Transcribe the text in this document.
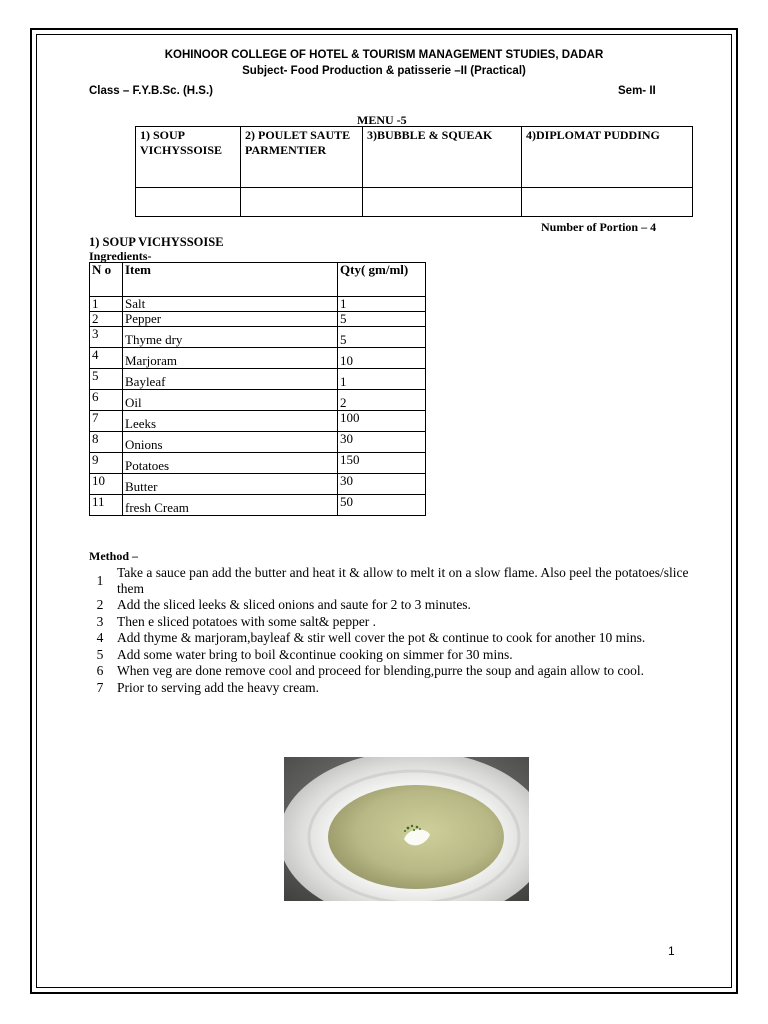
KOHINOOR COLLEGE OF HOTEL & TOURISM MANAGEMENT STUDIES, DADAR
Subject- Food Production & patisserie –II (Practical)
Class – F.Y.B.Sc. (H.S.)	Sem- II
MENU -5
1) SOUP VICHYSSOISE	2) POULET SAUTE PARMENTIER	3)BUBBLE & SQUEAK	4)DIPLOMAT PUDDING

Number of Portion – 4
1) SOUP VICHYSSOISE
Ingredients-
N o	Item	Qty( gm/ml)
1	Salt	1
2	Pepper	5
3	Thyme dry	5
4	Marjoram	10
5	Bayleaf	1
6	Oil	2
7	Leeks	100
8	Onions	30
9	Potatoes	150
10	Butter	30
11	fresh Cream	50
Method –
1
Take a sauce pan add the butter and heat it & allow to melt it on a slow flame. Also peel the potatoes/slice them
2	Add the sliced leeks & sliced onions and saute for 2 to 3 minutes.
3	Then e sliced potatoes with some salt& pepper .
4	Add thyme & marjoram,bayleaf & stir well cover the pot & continue to cook for another 10 mins.
5	Add some water bring to boil &continue cooking on simmer for 30 mins.
6	When veg are done remove cool and proceed for blending,purre the soup and again allow to cool.
7	Prior to serving add the heavy cream.
1
